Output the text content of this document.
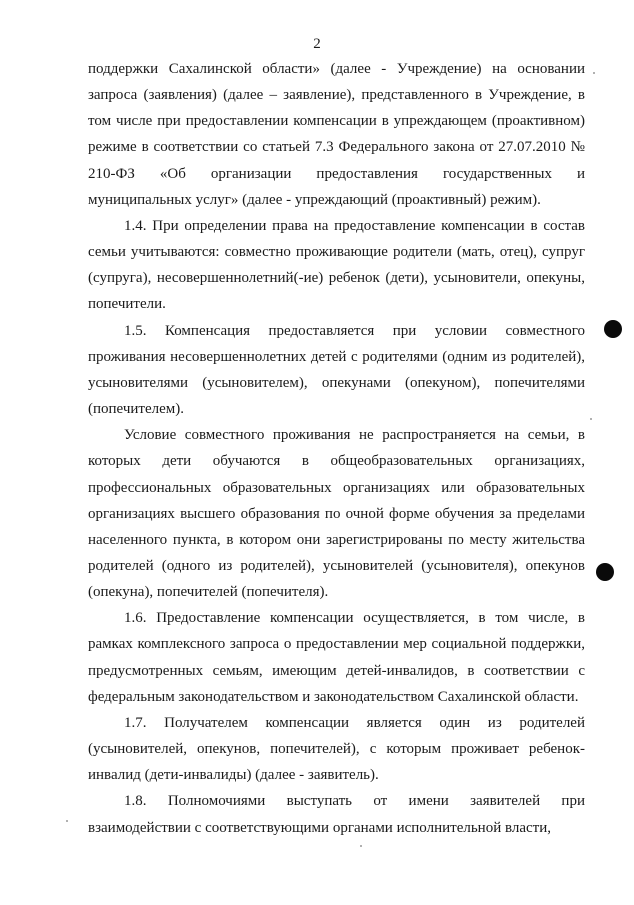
2

поддержки Сахалинской области» (далее - Учреждение) на основании запроса (заявления) (далее – заявление), представленного в Учреждение, в том числе при предоставлении компенсации в упреждающем (проактивном) режиме в соответствии со статьей 7.3 Федерального закона от 27.07.2010 № 210-ФЗ «Об организации предоставления государственных и муниципальных услуг» (далее - упреждающий (проактивный) режим).

1.4. При определении права на предоставление компенсации в состав семьи учитываются: совместно проживающие родители (мать, отец), супруг (супруга), несовершеннолетний(-ие) ребенок (дети), усыновители, опекуны, попечители.

1.5. Компенсация предоставляется при условии совместного проживания несовершеннолетних детей с родителями (одним из родителей), усыновителями (усыновителем), опекунами (опекуном), попечителями (попечителем).

Условие совместного проживания не распространяется на семьи, в которых дети обучаются в общеобразовательных организациях, профессиональных образовательных организациях или образовательных организациях высшего образования по очной форме обучения за пределами населенного пункта, в котором они зарегистрированы по месту жительства родителей (одного из родителей), усыновителей (усыновителя), опекунов (опекуна), попечителей (попечителя).

1.6. Предоставление компенсации осуществляется, в том числе, в рамках комплексного запроса о предоставлении мер социальной поддержки, предусмотренных семьям, имеющим детей-инвалидов, в соответствии с федеральным законодательством и законодательством Сахалинской области.

1.7. Получателем компенсации является один из родителей (усыновителей, опекунов, попечителей), с которым проживает ребенок-инвалид (дети-инвалиды) (далее - заявитель).

1.8. Полномочиями выступать от имени заявителей при взаимодействии с соответствующими органами исполнительной власти,
